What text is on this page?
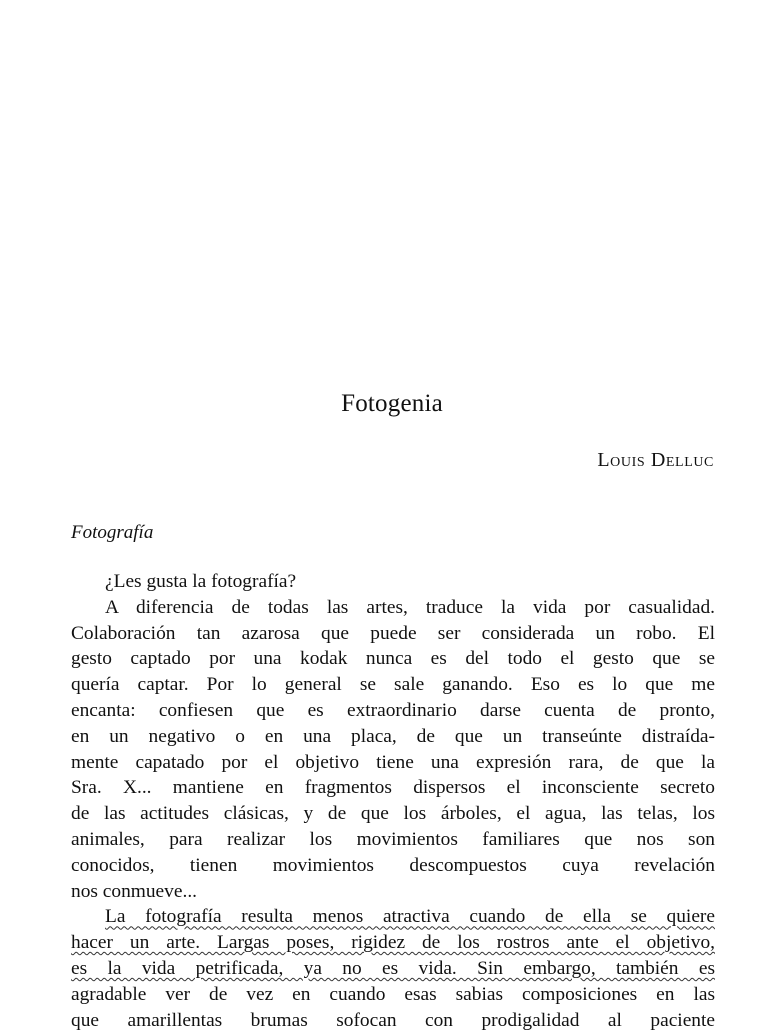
Fotogenia

Louis Delluc

Fotografía

¿Les gusta la fotografía?
A diferencia de todas las artes, traduce la vida por casualidad.
Colaboración tan azarosa que puede ser considerada un robo. El
gesto captado por una kodak nunca es del todo el gesto que se
quería captar. Por lo general se sale ganando. Eso es lo que me
encanta: confiesen que es extraordinario darse cuenta de pronto,
en un negativo o en una placa, de que un transeúnte distraída-
mente capatado por el objetivo tiene una expresión rara, de que la
Sra. X... mantiene en fragmentos dispersos el inconsciente secreto
de las actitudes clásicas, y de que los árboles, el agua, las telas, los
animales, para realizar los movimientos familiares que nos son
conocidos, tienen movimientos descompuestos cuya revelación
nos conmueve...
La fotografía resulta menos atractiva cuando de ella se quiere
hacer un arte. Largas poses, rigidez de los rostros ante el objetivo,
es la vida petrificada, ya no es vida. Sin embargo, también es
agradable ver de vez en cuando esas sabias composiciones en las
que amarillentas brumas sofocan con prodigalidad al paciente
